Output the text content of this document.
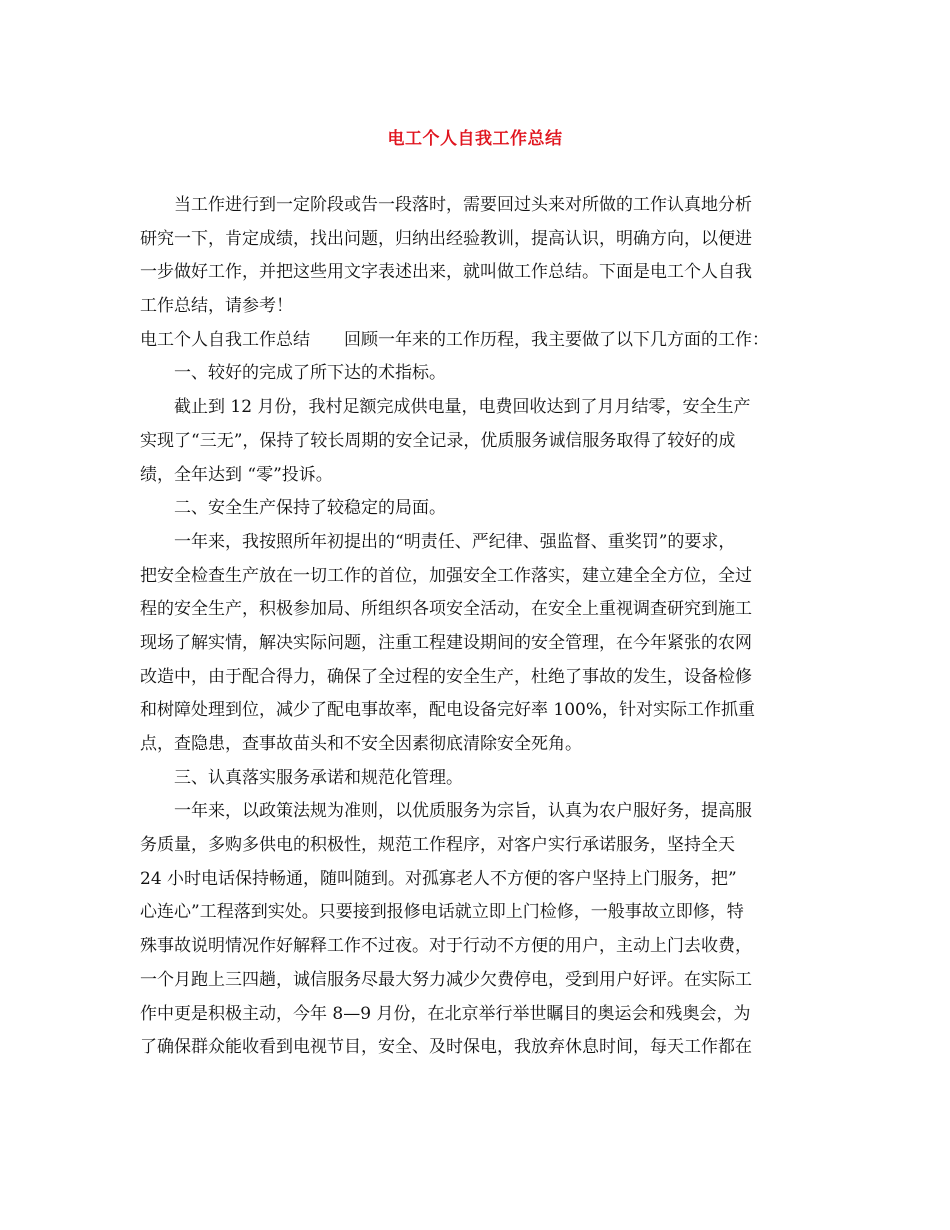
电工个人自我工作总结
当工作进行到一定阶段或告一段落时，需要回过头来对所做的工作认真地分析
研究一下，肯定成绩，找出问题，归纳出经验教训，提高认识，明确方向，以便进
一步做好工作，并把这些用文字表述出来，就叫做工作总结。下面是电工个人自我
工作总结，请参考！
电工个人自我工作总结　　回顾一年来的工作历程，我主要做了以下几方面的工作：
一、较好的完成了所下达的术指标。
截止到 12 月份，我村足额完成供电量，电费回收达到了月月结零，安全生产
实现了“三无”，保持了较长周期的安全记录，优质服务诚信服务取得了较好的成
绩，全年达到 “零”投诉。
二、安全生产保持了较稳定的局面。
一年来，我按照所年初提出的“明责任、严纪律、强监督、重奖罚”的要求，
把安全检查生产放在一切工作的首位，加强安全工作落实，建立建全全方位，全过
程的安全生产，积极参加局、所组织各项安全活动，在安全上重视调查研究到施工
现场了解实情，解决实际问题，注重工程建设期间的安全管理，在今年紧张的农网
改造中，由于配合得力，确保了全过程的安全生产，杜绝了事故的发生，设备检修
和树障处理到位，减少了配电事故率，配电设备完好率 100%，针对实际工作抓重
点，查隐患，查事故苗头和不安全因素彻底清除安全死角。
三、认真落实服务承诺和规范化管理。
一年来，以政策法规为准则，以优质服务为宗旨，认真为农户服好务，提高服
务质量，多购多供电的积极性，规范工作程序，对客户实行承诺服务，坚持全天
24 小时电话保持畅通，随叫随到。对孤寡老人不方便的客户坚持上门服务，把”
心连心”工程落到实处。只要接到报修电话就立即上门检修，一般事故立即修，特
殊事故说明情况作好解释工作不过夜。对于行动不方便的用户，主动上门去收费，
一个月跑上三四趟，诚信服务尽最大努力减少欠费停电，受到用户好评。在实际工
作中更是积极主动，今年 8—9 月份，在北京举行举世瞩目的奥运会和残奥会，为
了确保群众能收看到电视节目，安全、及时保电，我放弃休息时间，每天工作都在
